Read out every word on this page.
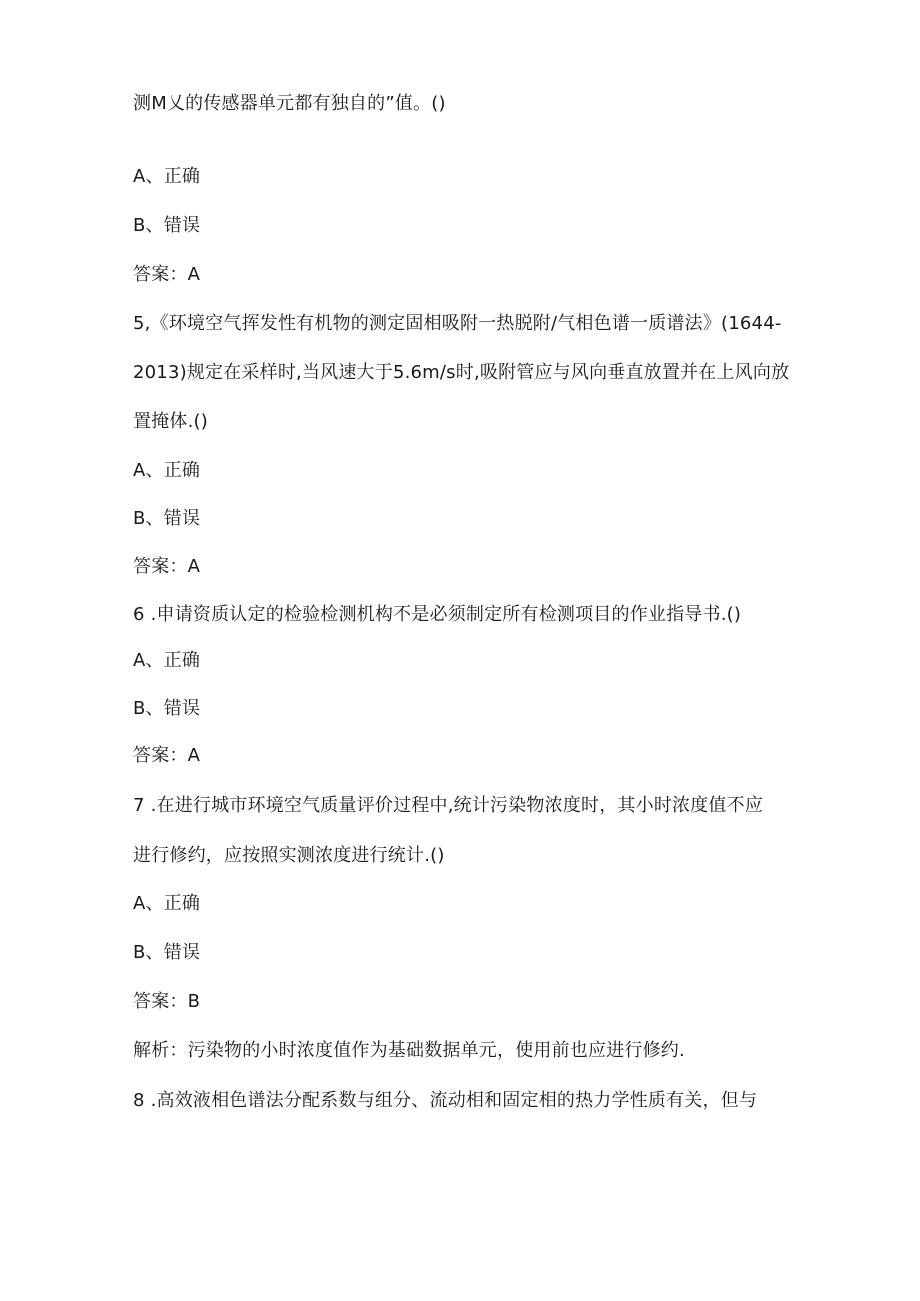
测M乂的传感器单元都有独自的”值。()
A、正确
B、错误
答案：A
5,《环境空气挥发性有机物的测定固相吸附一热脱附/气相色谱一质谱法》(1644-
2013)规定在采样时,当风速大于5.6m∕s时,吸附管应与风向垂直放置并在上风向放
置掩体.()
A、正确
B、错误
答案：A
6 .申请资质认定的检验检测机构不是必须制定所有检测项目的作业指导书.()
A、正确
B、错误
答案：A
7 .在进行城市环境空气质量评价过程中,统计污染物浓度时，其小时浓度值不应
进行修约，应按照实测浓度进行统计.()
A、正确
B、错误
答案：B
解析：污染物的小时浓度值作为基础数据单元，使用前也应进行修约.
8 .高效液相色谱法分配系数与组分、流动相和固定相的热力学性质有关，但与
